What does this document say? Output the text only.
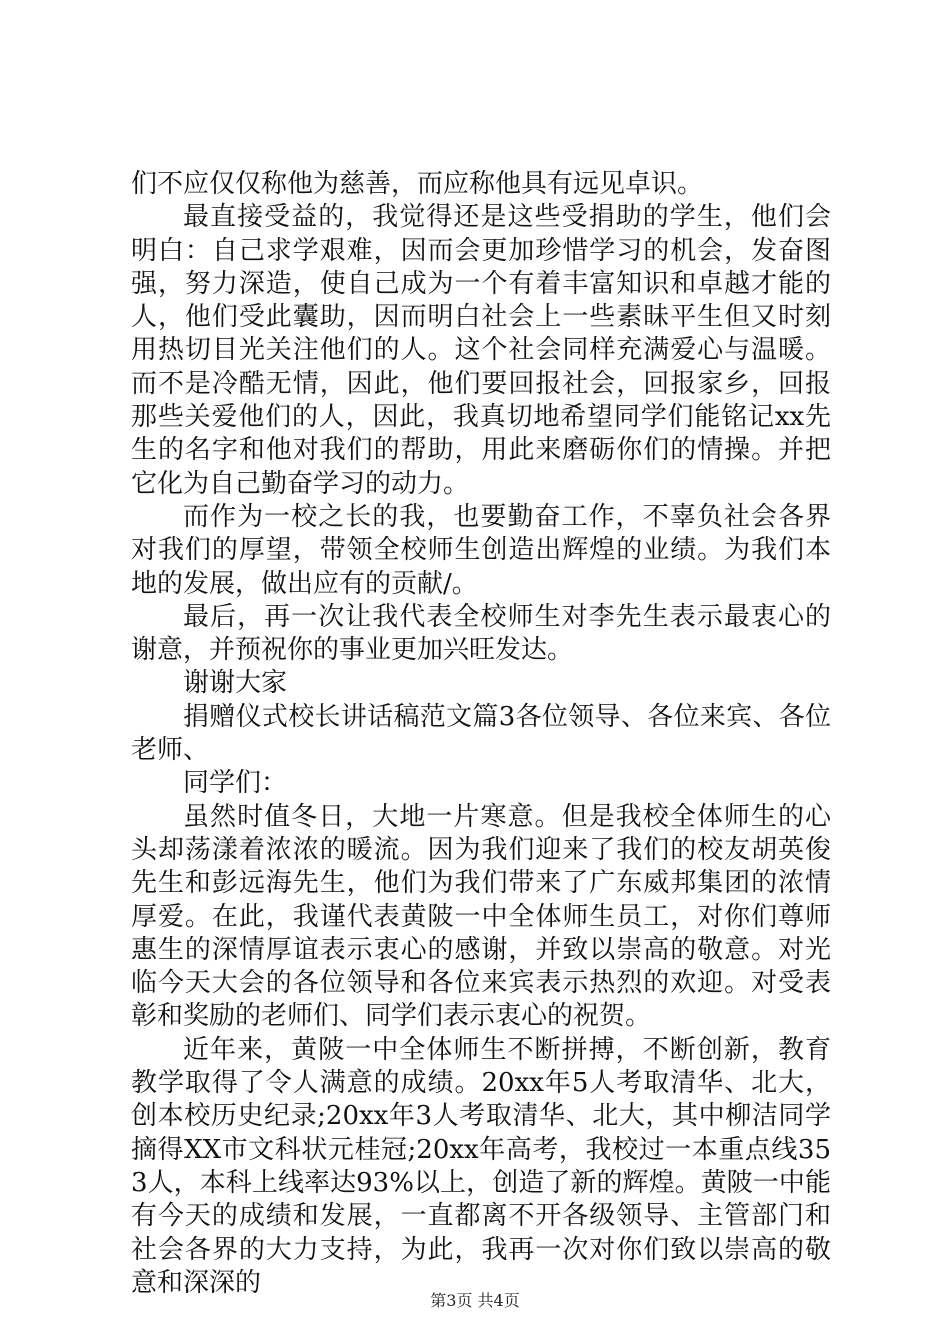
们不应仅仅称他为慈善，而应称他具有远见卓识。

最直接受益的，我觉得还是这些受捐助的学生，他们会明白：自己求学艰难，因而会更加珍惜学习的机会，发奋图强，努力深造，使自己成为一个有着丰富知识和卓越才能的人，他们受此囊助，因而明白社会上一些素昧平生但又时刻用热切目光关注他们的人。这个社会同样充满爱心与温暖。而不是冷酷无情，因此，他们要回报社会，回报家乡，回报那些关爱他们的人，因此，我真切地希望同学们能铭记xx先生的名字和他对我们的帮助，用此来磨砺你们的情操。并把它化为自己勤奋学习的动力。

而作为一校之长的我，也要勤奋工作，不辜负社会各界对我们的厚望，带领全校师生创造出辉煌的业绩。为我们本地的发展，做出应有的贡献/。

最后，再一次让我代表全校师生对李先生表示最衷心的谢意，并预祝你的事业更加兴旺发达。

谢谢大家

捐赠仪式校长讲话稿范文篇3各位领导、各位来宾、各位老师、

同学们：

虽然时值冬日，大地一片寒意。但是我校全体师生的心头却荡漾着浓浓的暖流。因为我们迎来了我们的校友胡英俊先生和彭远海先生，他们为我们带来了广东威邦集团的浓情厚爱。在此，我谨代表黄陂一中全体师生员工，对你们尊师惠生的深情厚谊表示衷心的感谢，并致以崇高的敬意。对光临今天大会的各位领导和各位来宾表示热烈的欢迎。对受表彰和奖励的老师们、同学们表示衷心的祝贺。

近年来，黄陂一中全体师生不断拼搏，不断创新，教育教学取得了令人满意的成绩。20xx年5人考取清华、北大，创本校历史纪录;20xx年3人考取清华、北大，其中柳洁同学摘得XX市文科状元桂冠;20xx年高考，我校过一本重点线353人，本科上线率达93%以上，创造了新的辉煌。黄陂一中能有今天的成绩和发展，一直都离不开各级领导、主管部门和社会各界的大力支持，为此，我再一次对你们致以崇高的敬意和深深的

第3页 共4页
